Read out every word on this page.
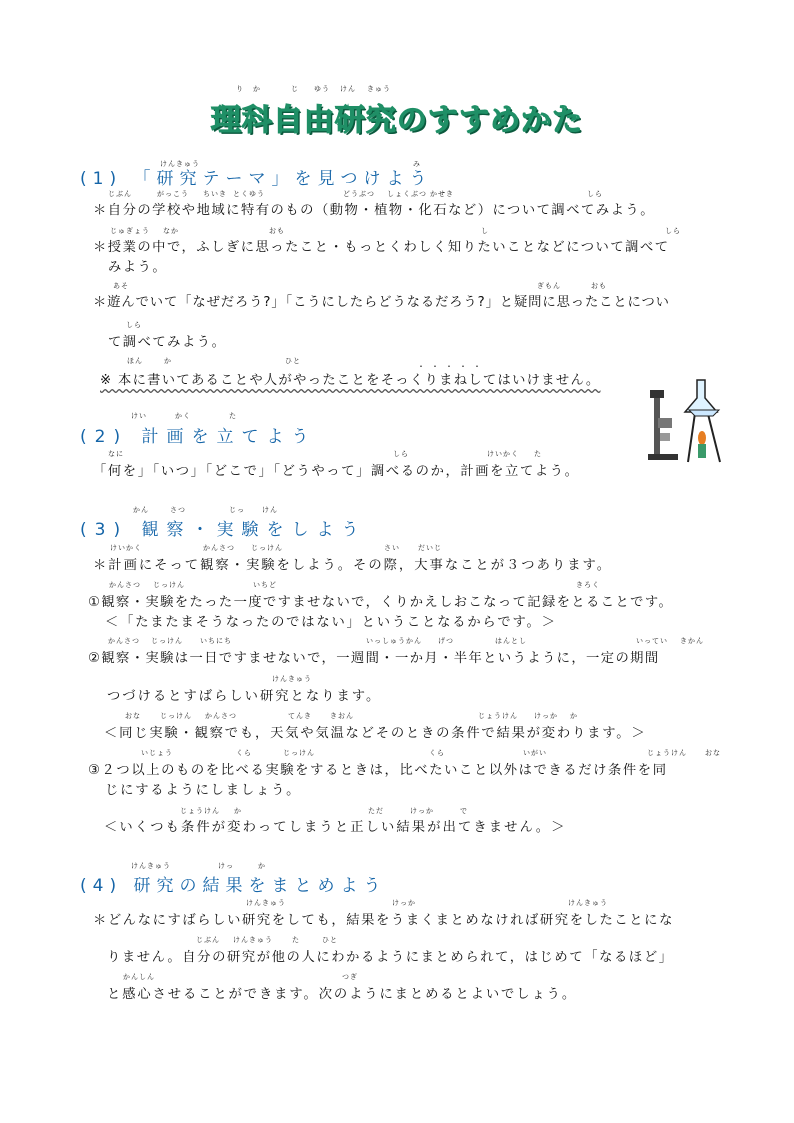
り か	じ ゆう けん きゅう
理科自由研究のすすめかた
けんきゅう	み
(1) 「研究テーマ」を見つけよう
じぶん	がっこう ちいき とくゆう	どうぶつ しょくぶつ かせき	しら
＊自分の学校や地域に特有のもの（動物・植物・化石など）について調べてみよう。
じゅぎょう なか	おも	し	しら
＊授業の中で，ふしぎに思ったこと・もっとくわしく知りたいことなどについて調べて
みよう。
あそ	ぎもん	おも
＊遊んでいて「なぜだろう?」「こうにしたらどうなるだろう?」と疑問に思ったことについ
しら
て調べてみよう。
ほん	か	ひと
・・・・・
※ 本に書いてあることや人がやったことをそっくりまねしてはいけません。
けい	かく	た
(2) 計画を立てよう
なに	しら	けいかく た
「何を」「いつ」「どこで」「どうやって」調べるのか，計画を立てよう。
かん	さつ	じっ けん
(3) 観察・実験をしよう
けいかく	かんさつ じっけん	さい	だいじ
＊計画にそって観察・実験をしよう。その際，大事なことが３つあります。
かんさつ じっけん	いちど	きろく
①観察・実験をたった一度ですませないで，くりかえしおこなって記録をとることです。
＜「たまたまそうなったのではない」ということなるからです。＞
かんさつ じっけん いちにち	いっしゅうかん げつ	はんとし	いってい きかん
②観察・実験は一日ですませないで，一週間・一か月・半年というように，一定の期間
けんきゅう
つづけるとすばらしい研究となります。
おな	じっけん かんさつ	てんき	きおん	じょうけん けっか か
＜同じ実験・観察でも，天気や気温などそのときの条件で結果が変わります。＞
いじょう	くら	じっけん	くら	いがい	じょうけん	おな
③２つ以上のものを比べる実験をするときは，比べたいこと以外はできるだけ条件を同
じにするようにしましょう。
じょうけん か	ただ	けっか	で
＜いくつも条件が変わってしまうと正しい結果が出てきません。＞
けんきゅう	けっ	か
(4) 研究の結果をまとめよう
けんきゅう	けっか	けんきゅう
＊どんなにすばらしい研究をしても，結果をうまくまとめなければ研究をしたことにな
じぶん けんきゅう	た	ひと
りません。自分の研究が他の人にわかるようにまとめられて，はじめて「なるほど」
かんしん	つぎ
と感心させることができます。次のようにまとめるとよいでしょう。
